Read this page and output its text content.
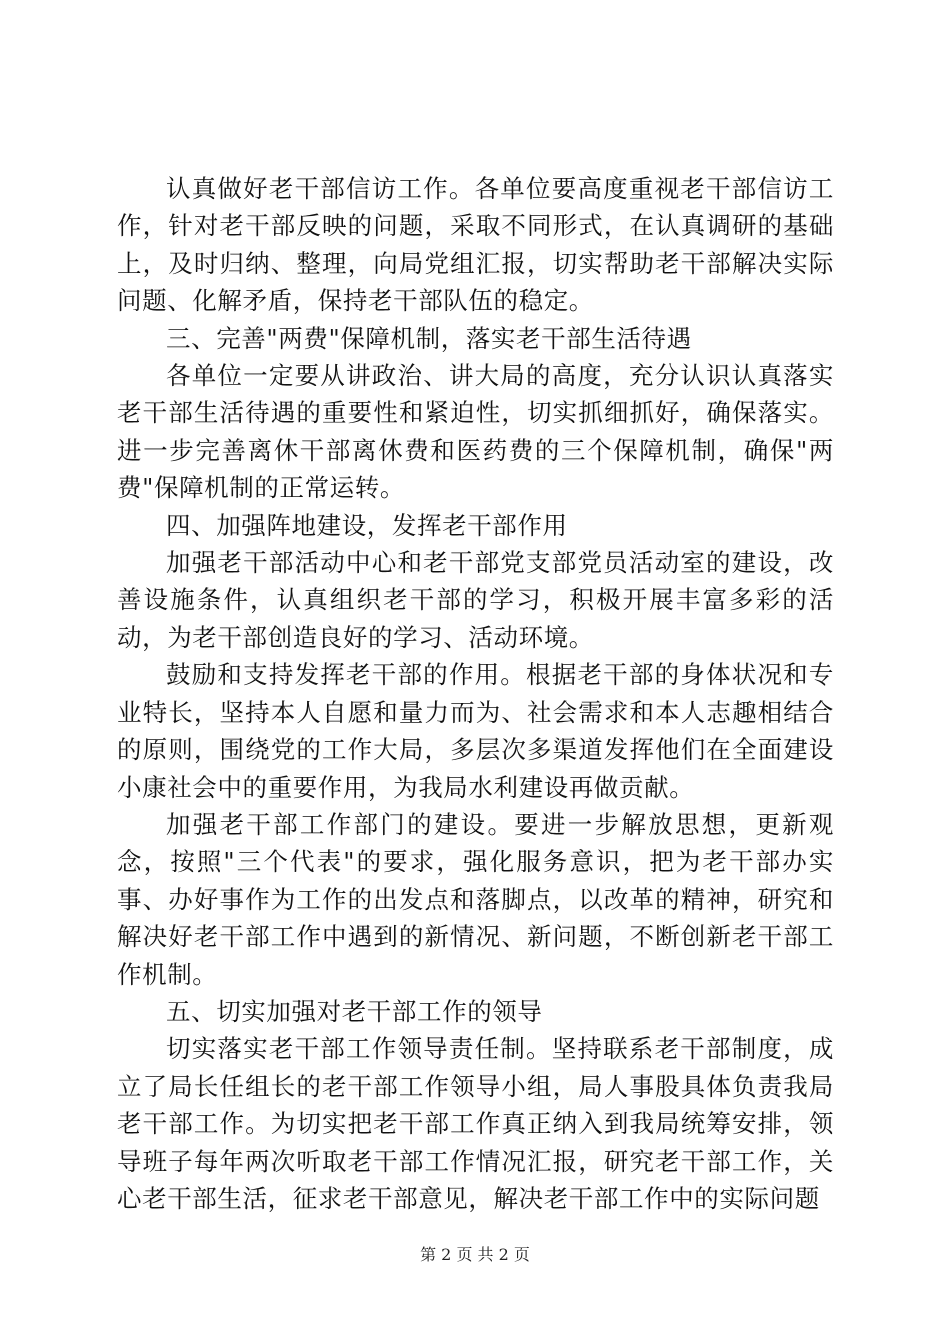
认真做好老干部信访工作。各单位要高度重视老干部信访工作，针对老干部反映的问题，采取不同形式，在认真调研的基础上，及时归纳、整理，向局党组汇报，切实帮助老干部解决实际问题、化解矛盾，保持老干部队伍的稳定。

三、完善"两费"保障机制，落实老干部生活待遇

各单位一定要从讲政治、讲大局的高度，充分认识认真落实老干部生活待遇的重要性和紧迫性，切实抓细抓好，确保落实。进一步完善离休干部离休费和医药费的三个保障机制，确保"两费"保障机制的正常运转。

四、加强阵地建设，发挥老干部作用

加强老干部活动中心和老干部党支部党员活动室的建设，改善设施条件，认真组织老干部的学习，积极开展丰富多彩的活动，为老干部创造良好的学习、活动环境。

鼓励和支持发挥老干部的作用。根据老干部的身体状况和专业特长，坚持本人自愿和量力而为、社会需求和本人志趣相结合的原则，围绕党的工作大局，多层次多渠道发挥他们在全面建设小康社会中的重要作用，为我局水利建设再做贡献。

加强老干部工作部门的建设。要进一步解放思想，更新观念，按照"三个代表"的要求，强化服务意识，把为老干部办实事、办好事作为工作的出发点和落脚点，以改革的精神，研究和解决好老干部工作中遇到的新情况、新问题，不断创新老干部工作机制。

五、切实加强对老干部工作的领导

切实落实老干部工作领导责任制。坚持联系老干部制度，成立了局长任组长的老干部工作领导小组，局人事股具体负责我局老干部工作。为切实把老干部工作真正纳入到我局统筹安排，领导班子每年两次听取老干部工作情况汇报，研究老干部工作，关心老干部生活，征求老干部意见，解决老干部工作中的实际问题

第 2 页 共 2 页
